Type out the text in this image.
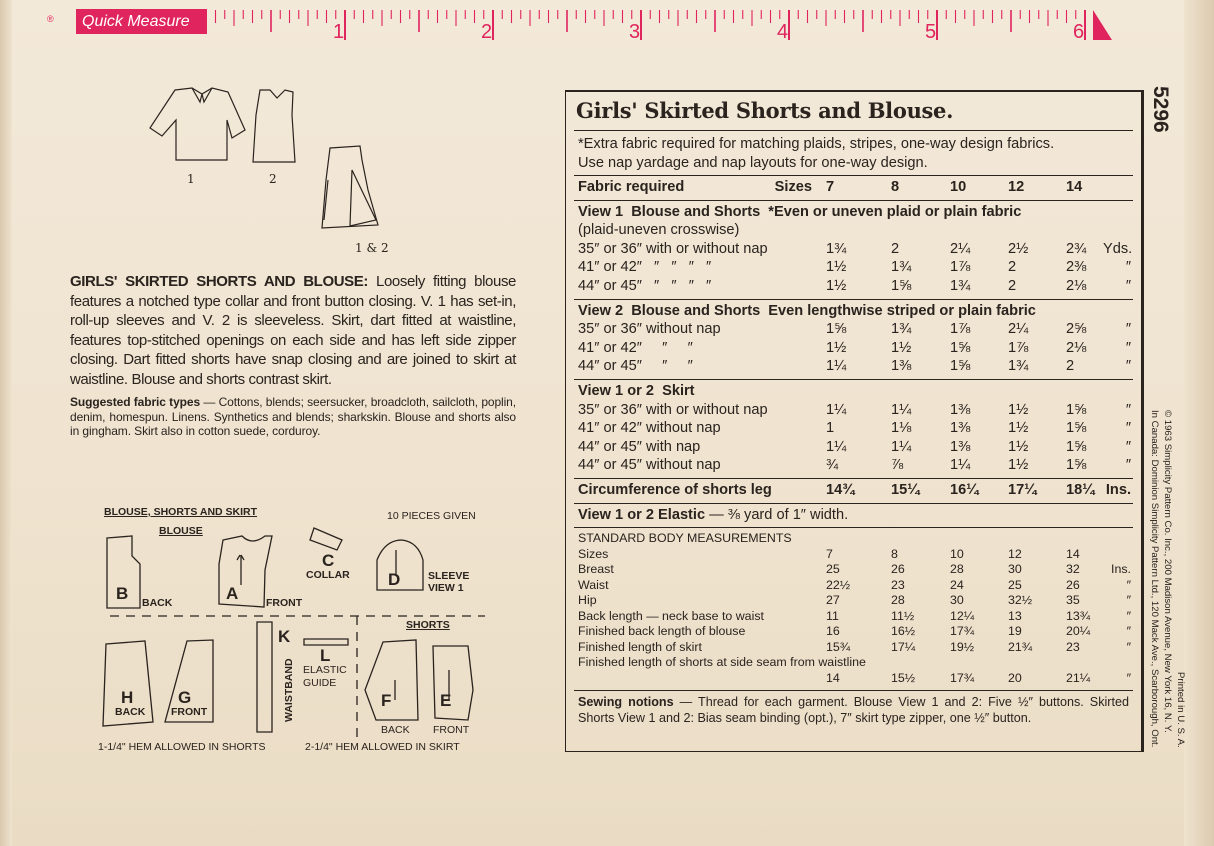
®	Quick Measure	1	2	3	4	5	6
5296
1	2
1 & 2
GIRLS' SKIRTED SHORTS AND BLOUSE: Loosely fitting blouse features a notched type collar and front button closing. V. 1 has set-in, roll-up sleeves and V. 2 is sleeveless. Skirt, dart fitted at waistline, features top-stitched openings on each side and has left side zipper closing. Dart fitted shorts have snap closing and are joined to skirt at waistline. Blouse and shorts contrast skirt.
Suggested fabric types — Cottons, blends; seersucker, broadcloth, sailcloth, poplin, denim, homespun. Linens. Synthetics and blends; sharkskin. Blouse and shorts also in gingham. Skirt also in cotton suede, corduroy.
BLOUSE, SHORTS AND SKIRT	10 PIECES GIVEN
BLOUSE
SHORTS
B BACK	A	FRONT
C
COLLAR D	SLEEVE VIEW 1
H
BACK
G
FRONT
K
WAISTBAND
L
ELASTIC GUIDE
F
BACK
E
FRONT
1-1/4" HEM ALLOWED IN SHORTS	2-1/4" HEM ALLOWED IN SKIRT
Girls' Skirted Shorts and Blouse.
*Extra fabric required for matching plaids, stripes, one-way design fabrics.
Use nap yardage and nap layouts for one-way design.
Fabric required	Sizes 7	8	10	12	14
View 1  Blouse and Shorts  *Even or uneven plaid or plain fabric
(plaid-uneven crosswise)
35″ or 36″ with or without nap	1¾	2	2¼	2½	2¾	Yds.
41″ or 42″   ″   ″   ″   ″	1½	1¾	1⅞	2	2⅜	″
44″ or 45″   ″   ″   ″   ″	1½	1⅝	1¾	2	2⅛	″
View 2  Blouse and Shorts  Even lengthwise striped or plain fabric
35″ or 36″ without nap	1⅝	1¾	1⅞	2¼	2⅝	″
41″ or 42″     ″     ″	1½	1½	1⅝	1⅞	2⅛	″
44″ or 45″     ″     ″	1¼	1⅜	1⅝	1¾	2	″
View 1 or 2  Skirt
35″ or 36″ with or without nap	1¼	1¼	1⅜	1½	1⅝	″
41″ or 42″ without nap	1	1⅛	1⅜	1½	1⅝	″
44″ or 45″ with nap	1¼	1¼	1⅜	1½	1⅝	″
44″ or 45″ without nap	¾	⅞	1¼	1½	1⅝	″
Circumference of shorts leg	14¾	15¼	16¼	17¼	18¼ Ins.
View 1 or 2 Elastic — ⅜ yard of 1″ width.
STANDARD BODY MEASUREMENTS
Sizes	7	8	10	12	14
Breast	25	26	28	30	32	Ins.
Waist	22½	23	24	25	26	″
Hip	27	28	30	32½	35	″
Back length — neck base to waist	11	11½	12¼	13	13¾	″
Finished back length of blouse	16	16½	17¾	19	20¼	″
Finished length of skirt	15¾	17¼	19½	21¾	23	″
Finished length of shorts at side seam from waistline
14	15½	17¾	20	21¼	″
Sewing notions — Thread for each garment. Blouse View 1 and 2: Five ½″ buttons. Skirted Shorts View 1 and 2: Bias seam binding (opt.), 7″ skirt type zipper, one ½″ button.	Printed in U. S. A.
© 1963 Simplicity Pattern Co. Inc., 200 Madison Avenue, New York 16, N. Y.
In Canada: Dominion Simplicity Pattern Ltd., 120 Mack Ave., Scarborough, Ont.
